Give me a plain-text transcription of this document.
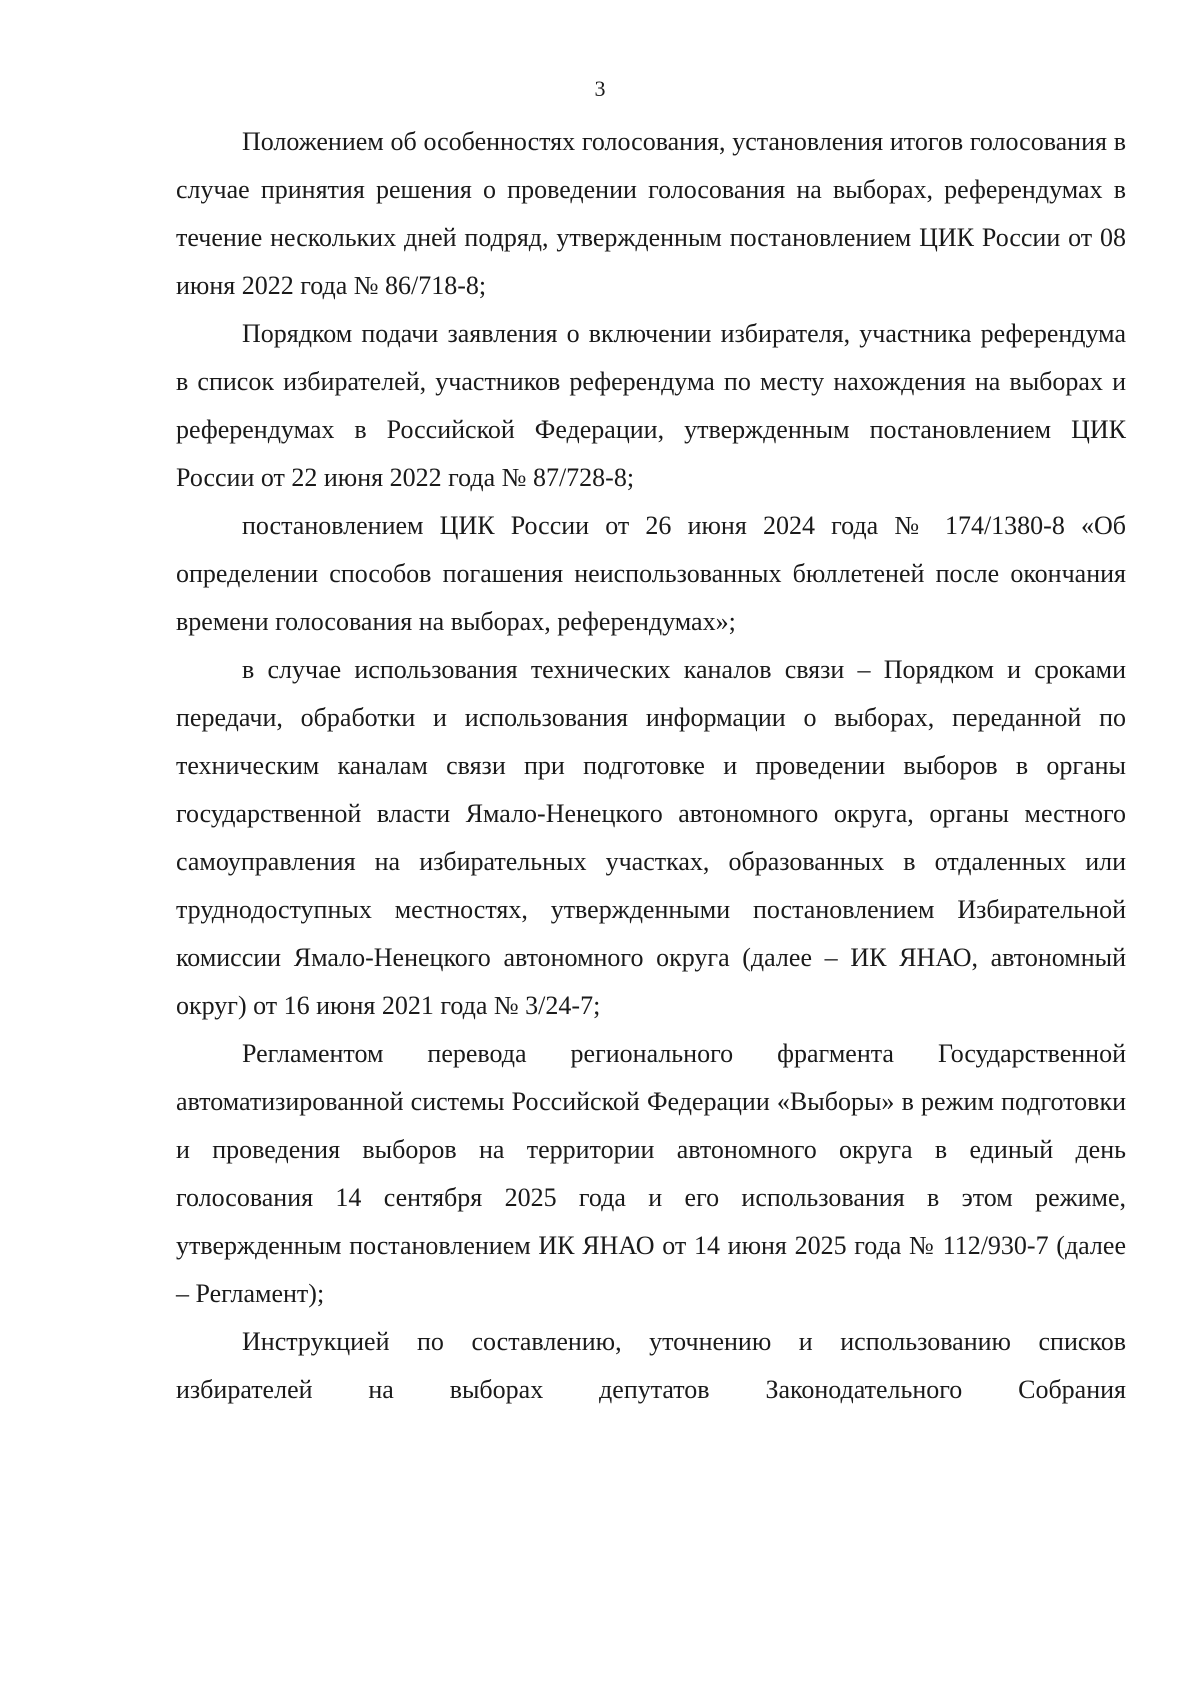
3

Положением об особенностях голосования, установления итогов голосования в случае принятия решения о проведении голосования на выборах, референдумах в течение нескольких дней подряд, утвержденным постановлением ЦИК России от 08 июня 2022 года № 86/718-8;

Порядком подачи заявления о включении избирателя, участника референдума в список избирателей, участников референдума по месту нахождения на выборах и референдумах в Российской Федерации, утвержденным постановлением ЦИК России от 22 июня 2022 года № 87/728-8;

постановлением ЦИК России от 26 июня 2024 года № 174/1380-8 «Об определении способов погашения неиспользованных бюллетеней после окончания времени голосования на выборах, референдумах»;

в случае использования технических каналов связи – Порядком и сроками передачи, обработки и использования информации о выборах, переданной по техническим каналам связи при подготовке и проведении выборов в органы государственной власти Ямало-Ненецкого автономного округа, органы местного самоуправления на избирательных участках, образованных в отдаленных или труднодоступных местностях, утвержденными постановлением Избирательной комиссии Ямало-Ненецкого автономного округа (далее – ИК ЯНАО, автономный округ) от 16 июня 2021 года № 3/24-7;

Регламентом перевода регионального фрагмента Государственной автоматизированной системы Российской Федерации «Выборы» в режим подготовки и проведения выборов на территории автономного округа в единый день голосования 14 сентября 2025 года и его использования в этом режиме, утвержденным постановлением ИК ЯНАО от 14 июня 2025 года № 112/930-7 (далее – Регламент);

Инструкцией по составлению, уточнению и использованию списков избирателей на выборах депутатов Законодательного Собрания
